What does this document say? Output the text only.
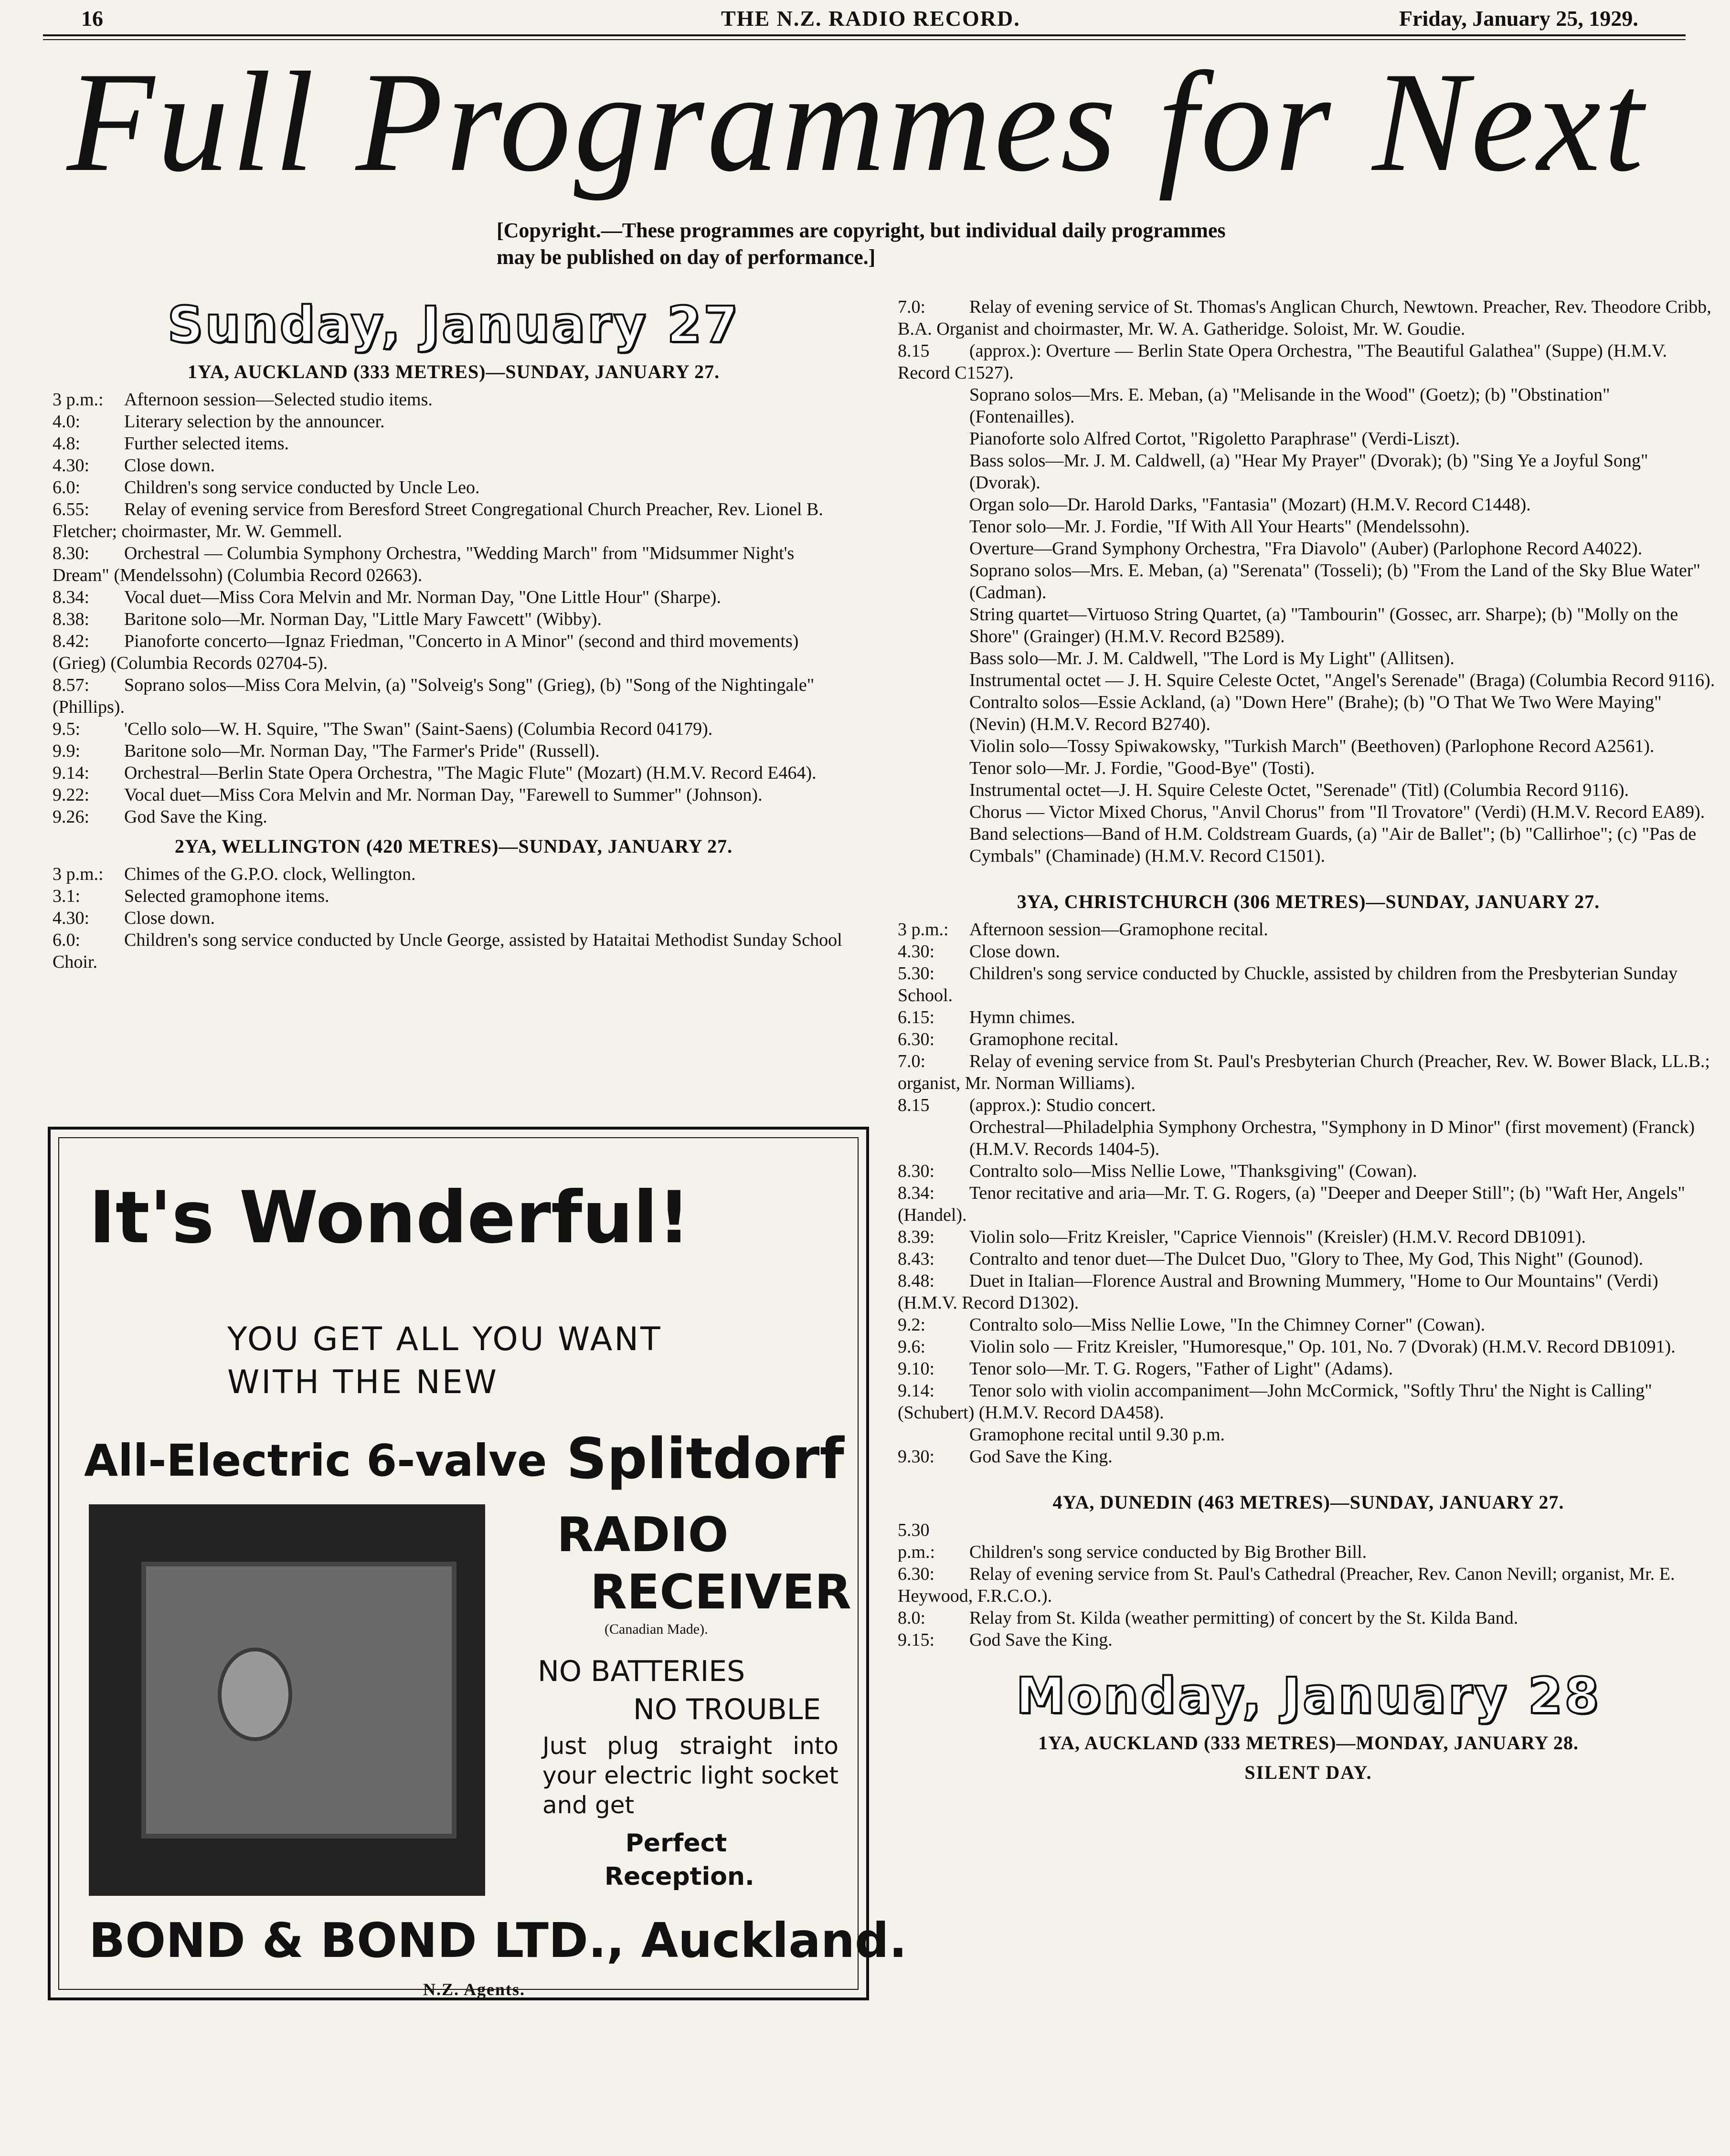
16	THE N.Z. RADIO RECORD.	Friday, January 25, 1929.
Full Programmes for Next
[Copyright.—These programmes are copyright, but individual daily programmes may be published on day of performance.]
Sunday, January 27
1YA, AUCKLAND (333 METRES)—SUNDAY, JANUARY 27.
3 p.m.: Afternoon session—Selected studio items.
4.0: Literary selection by the announcer.
4.8: Further selected items.
4.30: Close down.
6.0: Children's song service conducted by Uncle Leo.
6.55: Relay of evening service from Beresford Street Congregational Church Preacher, Rev. Lionel B. Fletcher; choirmaster, Mr. W. Gemmell.
8.30: Orchestral — Columbia Symphony Orchestra, "Wedding March" from "Midsummer Night's Dream" (Mendelssohn) (Columbia Record 02663).
8.34: Vocal duet—Miss Cora Melvin and Mr. Norman Day, "One Little Hour" (Sharpe).
8.38: Baritone solo—Mr. Norman Day, "Little Mary Fawcett" (Wibby).
8.42: Pianoforte concerto—Ignaz Friedman, "Concerto in A Minor" (second and third movements) (Grieg) (Columbia Records 02704-5).
8.57: Soprano solos—Miss Cora Melvin, (a) "Solveig's Song" (Grieg), (b) "Song of the Nightingale" (Phillips).
9.5: 'Cello solo—W. H. Squire, "The Swan" (Saint-Saens) (Columbia Record 04179).
9.9: Baritone solo—Mr. Norman Day, "The Farmer's Pride" (Russell).
9.14: Orchestral—Berlin State Opera Orchestra, "The Magic Flute" (Mozart) (H.M.V. Record E464).
9.22: Vocal duet—Miss Cora Melvin and Mr. Norman Day, "Farewell to Summer" (Johnson).
9.26: God Save the King.
2YA, WELLINGTON (420 METRES)—SUNDAY, JANUARY 27.
3 p.m.: Chimes of the G.P.O. clock, Wellington.
3.1: Selected gramophone items.
4.30: Close down.
6.0: Children's song service conducted by Uncle George, assisted by Hataitai Methodist Sunday School Choir.
It's Wonderful!
YOU GET ALL YOU WANT
WITH THE NEW
All-Electric 6-valve Splitdorf
RADIO
RECEIVER
(Canadian Made).
NO BATTERIES
NO TROUBLE
Just plug straight into your electric light socket and get
Perfect
Reception.
BOND & BOND LTD., Auckland.
N.Z. Agents.
7.0: Relay of evening service of St. Thomas's Anglican Church, Newtown. Preacher, Rev. Theodore Cribb, B.A. Organist and choirmaster, Mr. W. A. Gatheridge. Soloist, Mr. W. Goudie.
8.15 (approx.): Overture — Berlin State Opera Orchestra, "The Beautiful Galathea" (Suppe) (H.M.V. Record C1527).
Soprano solos—Mrs. E. Meban, (a) "Melisande in the Wood" (Goetz); (b) "Obstination" (Fontenailles).
Pianoforte solo Alfred Cortot, "Rigoletto Paraphrase" (Verdi-Liszt).
Bass solos—Mr. J. M. Caldwell, (a) "Hear My Prayer" (Dvorak); (b) "Sing Ye a Joyful Song" (Dvorak).
Organ solo—Dr. Harold Darks, "Fantasia" (Mozart) (H.M.V. Record C1448).
Tenor solo—Mr. J. Fordie, "If With All Your Hearts" (Mendelssohn).
Overture—Grand Symphony Orchestra, "Fra Diavolo" (Auber) (Parlophone Record A4022).
Soprano solos—Mrs. E. Meban, (a) "Serenata" (Tosseli); (b) "From the Land of the Sky Blue Water" (Cadman).
String quartet—Virtuoso String Quartet, (a) "Tambourin" (Gossec, arr. Sharpe); (b) "Molly on the Shore" (Grainger) (H.M.V. Record B2589).
Bass solo—Mr. J. M. Caldwell, "The Lord is My Light" (Allitsen).
Instrumental octet — J. H. Squire Celeste Octet, "Angel's Serenade" (Braga) (Columbia Record 9116).
Contralto solos—Essie Ackland, (a) "Down Here" (Brahe); (b) "O That We Two Were Maying" (Nevin) (H.M.V. Record B2740).
Violin solo—Tossy Spiwakowsky, "Turkish March" (Beethoven) (Parlophone Record A2561).
Tenor solo—Mr. J. Fordie, "Good-Bye" (Tosti).
Instrumental octet—J. H. Squire Celeste Octet, "Serenade" (Titl) (Columbia Record 9116).
Chorus — Victor Mixed Chorus, "Anvil Chorus" from "Il Trovatore" (Verdi) (H.M.V. Record EA89).
Band selections—Band of H.M. Coldstream Guards, (a) "Air de Ballet"; (b) "Callirhoe"; (c) "Pas de Cymbals" (Chaminade) (H.M.V. Record C1501).
3YA, CHRISTCHURCH (306 METRES)—SUNDAY, JANUARY 27.
3 p.m.: Afternoon session—Gramophone recital.
4.30: Close down.
5.30: Children's song service conducted by Chuckle, assisted by children from the Presbyterian Sunday School.
6.15: Hymn chimes.
6.30: Gramophone recital.
7.0: Relay of evening service from St. Paul's Presbyterian Church (Preacher, Rev. W. Bower Black, LL.B.; organist, Mr. Norman Williams).
8.15 (approx.): Studio concert.
Orchestral—Philadelphia Symphony Orchestra, "Symphony in D Minor" (first movement) (Franck) (H.M.V. Records 1404-5).
8.30: Contralto solo—Miss Nellie Lowe, "Thanksgiving" (Cowan).
8.34: Tenor recitative and aria—Mr. T. G. Rogers, (a) "Deeper and Deeper Still"; (b) "Waft Her, Angels" (Handel).
8.39: Violin solo—Fritz Kreisler, "Caprice Viennois" (Kreisler) (H.M.V. Record DB1091).
8.43: Contralto and tenor duet—The Dulcet Duo, "Glory to Thee, My God, This Night" (Gounod).
8.48: Duet in Italian—Florence Austral and Browning Mummery, "Home to Our Mountains" (Verdi) (H.M.V. Record D1302).
9.2: Contralto solo—Miss Nellie Lowe, "In the Chimney Corner" (Cowan).
9.6: Violin solo — Fritz Kreisler, "Humoresque," Op. 101, No. 7 (Dvorak) (H.M.V. Record DB1091).
9.10: Tenor solo—Mr. T. G. Rogers, "Father of Light" (Adams).
9.14: Tenor solo with violin accompaniment—John McCormick, "Softly Thru' the Night is Calling" (Schubert) (H.M.V. Record DA458).
Gramophone recital until 9.30 p.m.
9.30: God Save the King.
4YA, DUNEDIN (463 METRES)—SUNDAY, JANUARY 27.
5.30 p.m.: Children's song service conducted by Big Brother Bill.
6.30: Relay of evening service from St. Paul's Cathedral (Preacher, Rev. Canon Nevill; organist, Mr. E. Heywood, F.R.C.O.).
8.0: Relay from St. Kilda (weather permitting) of concert by the St. Kilda Band.
9.15: God Save the King.
Monday, January 28
1YA, AUCKLAND (333 METRES)—MONDAY, JANUARY 28.
SILENT DAY.
